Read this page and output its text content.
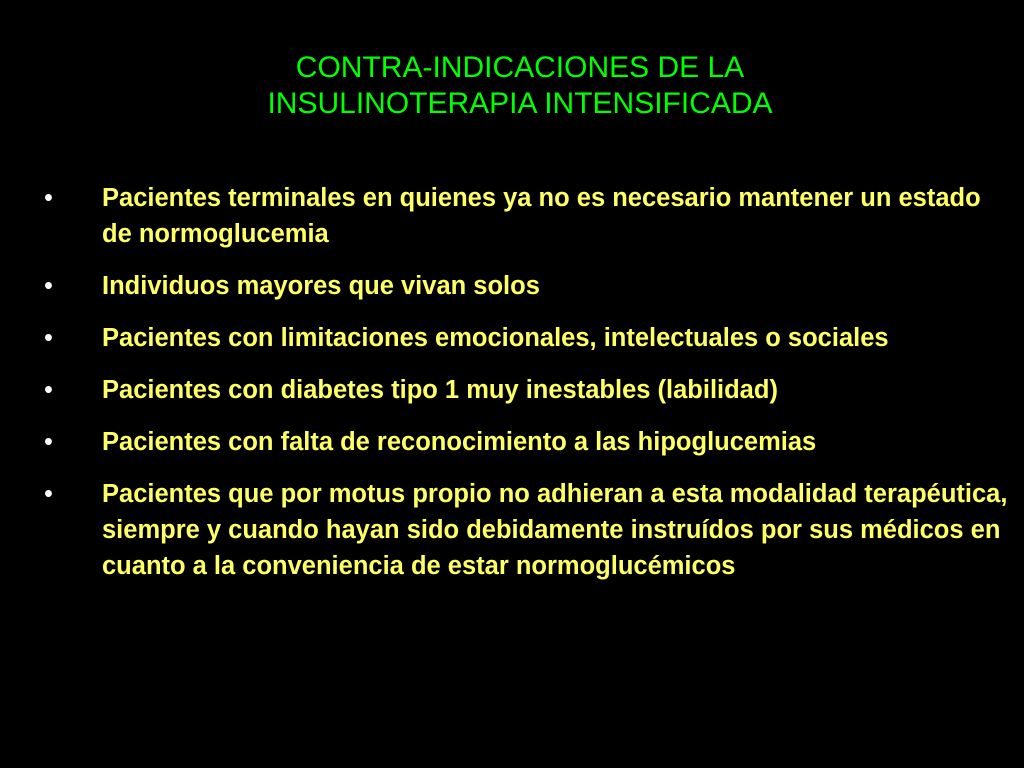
CONTRA-INDICACIONES DE LA
INSULINOTERAPIA INTENSIFICADA
• Pacientes terminales en quienes ya no es necesario mantener un estado de normoglucemia
• Individuos mayores que vivan solos
• Pacientes con limitaciones emocionales, intelectuales o sociales
• Pacientes con diabetes tipo 1 muy inestables (labilidad)
• Pacientes con falta de reconocimiento a las hipoglucemias
• Pacientes que por motus propio no adhieran a esta modalidad terapéutica, siempre y cuando hayan sido debidamente instruídos por sus médicos en cuanto a la conveniencia de estar normoglucémicos
